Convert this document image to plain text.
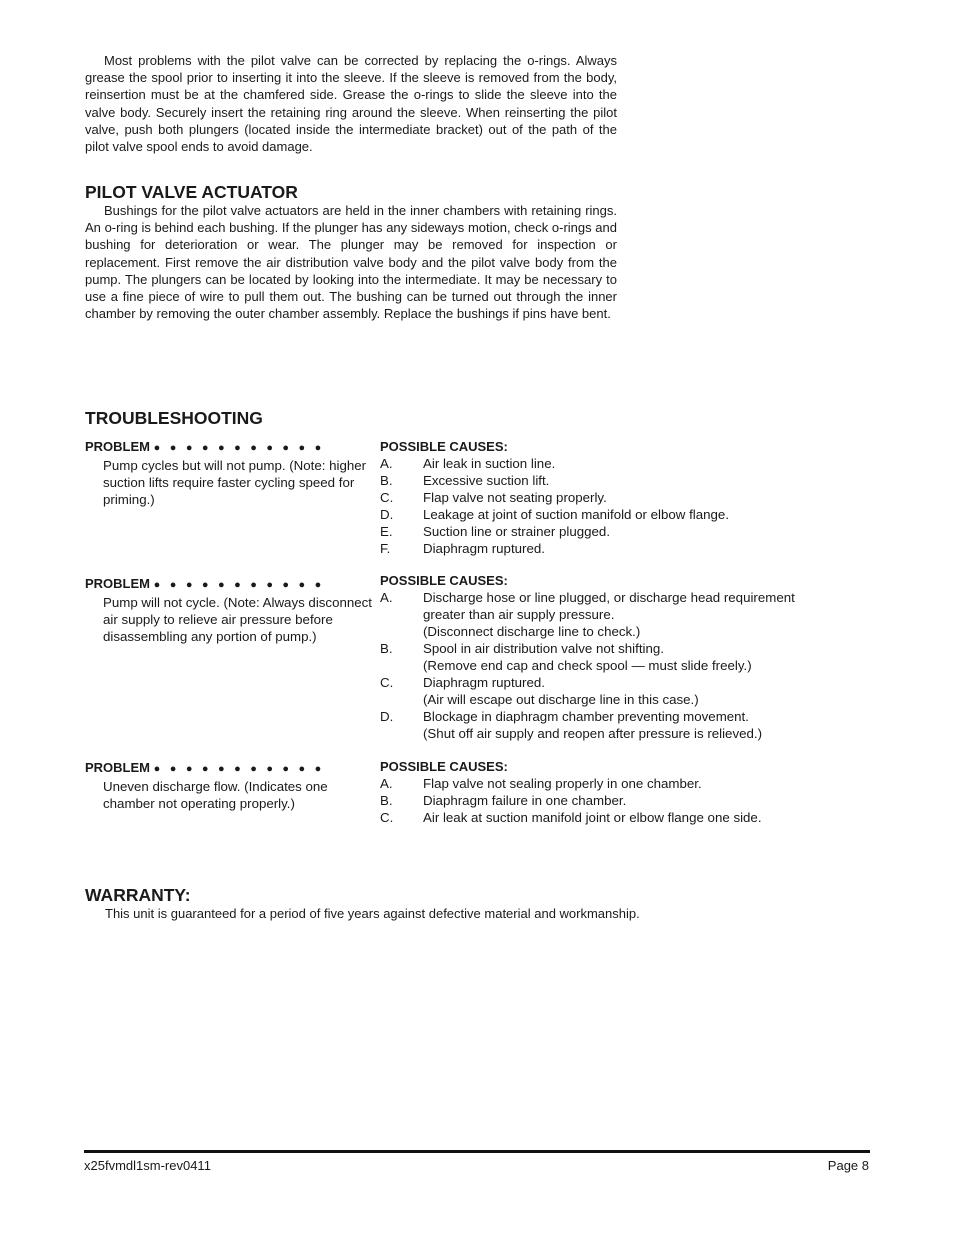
Most problems with the pilot valve can be corrected by replacing the o-rings. Always grease the spool prior to inserting it into the sleeve. If the sleeve is removed from the body, reinsertion must be at the chamfered side. Grease the o-rings to slide the sleeve into the valve body. Securely insert the retaining ring around the sleeve. When reinserting the pilot valve, push both plungers (located inside the intermediate bracket) out of the path of the pilot valve spool ends to avoid damage.

PILOT VALVE ACTUATOR

Bushings for the pilot valve actuators are held in the inner chambers with retaining rings. An o-ring is behind each bushing. If the plunger has any sideways motion, check o-rings and bushing for deterioration or wear. The plunger may be removed for inspection or replacement. First remove the air distribution valve body and the pilot valve body from the pump. The plungers can be located by looking into the intermediate. It may be necessary to use a fine piece of wire to pull them out. The bushing can be turned out through the inner chamber by removing the outer chamber assembly. Replace the bushings if pins have bent.

TROUBLESHOOTING
PROBLEM ● ● ● ● ● ● ● ● ● ● ●
Pump cycles but will not pump. (Note: higher suction lifts require faster cycling speed for priming.)
POSSIBLE CAUSES:
A.	Air leak in suction line.
B.	Excessive suction lift.
C.	Flap valve not seating properly.
D.	Leakage at joint of suction manifold or elbow flange.
E.	Suction line or strainer plugged.
F.	Diaphragm ruptured.
PROBLEM ● ● ● ● ● ● ● ● ● ● ●
Pump will not cycle. (Note: Always disconnect air supply to relieve air pressure before disassembling any portion of pump.)
POSSIBLE CAUSES:
A.	Discharge hose or line plugged, or discharge head requirement greater than air supply pressure.
(Disconnect discharge line to check.)
B.	Spool in air distribution valve not shifting.
(Remove end cap and check spool — must slide freely.)
C.	Diaphragm ruptured.
(Air will escape out discharge line in this case.)
D.	Blockage in diaphragm chamber preventing movement.
(Shut off air supply and reopen after pressure is relieved.)
PROBLEM ● ● ● ● ● ● ● ● ● ● ●
Uneven discharge flow. (Indicates one chamber not operating properly.)
POSSIBLE CAUSES:
A.	Flap valve not sealing properly in one chamber.
B.	Diaphragm failure in one chamber.
C.	Air leak at suction manifold joint or elbow flange one side.
WARRANTY:

This unit is guaranteed for a period of five years against defective material and workmanship.

x25fvmdl1sm-rev0411	Page 8
